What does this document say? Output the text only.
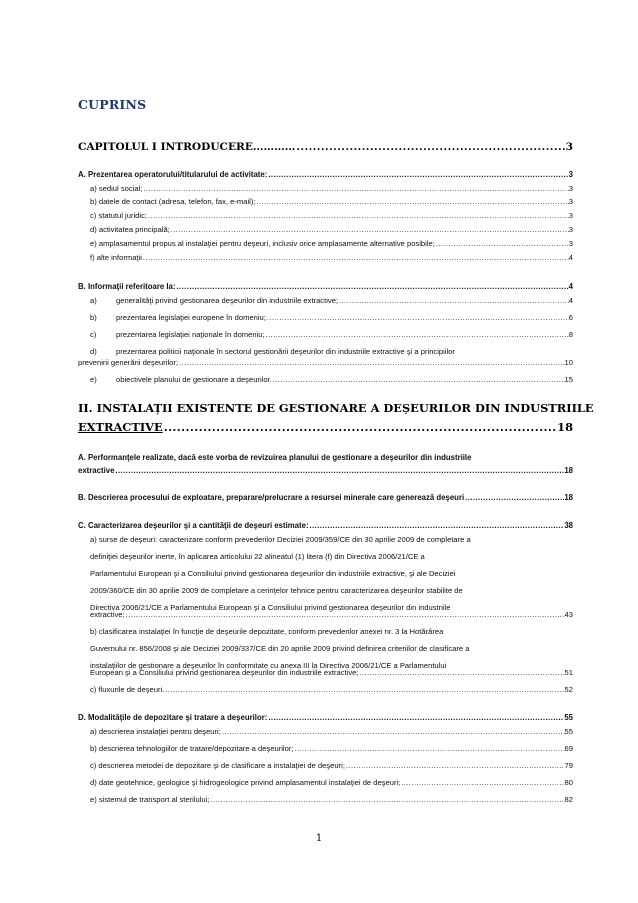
CUPRINS
CAPITOLUL I INTRODUCERE………… .....	3
A. Prezentarea operatorului/titularului de activitate: .....	3
a) sediul social; .....	3
b) datele de contact (adresa, telefon, fax, e-mail); .....	3
c) statutul juridic; .....	3
d) activitatea principală; .....	3
e) amplasamentul propus al instalaţiei pentru deşeuri, inclusiv orice amplasamente alternative posibile; .....	3
f) alte informaţii .....	4
B. Informaţii referitoare la: .....	4
a)	generalităţi privind gestionarea deşeurilor din industriile extractive; .....	4
b)	prezentarea legislaţiei europene în domeniu; .....	6
c)	prezentarea legislaţiei naţionale în domeniu; .....	8
d)	prezentarea politicii naţionale în sectorul gestionării deşeurilor din industriile extractive şi a principiilor
prevenirii generării deşeurilor; .....	10
e)	obiectivele planului de gestionare a deşeurilor. .....	15
II. INSTALAȚII EXISTENTE DE GESTIONARE A DEȘEURILOR DIN INDUSTRIILE
EXTRACTIVE .....	18
A. Performanţele realizate, dacă este vorba de revizuirea planului de gestionare a deşeurilor din industriile
extractive .....	18
B. Descrierea procesului de exploatare, preparare/prelucrare a resursei minerale care generează deşeuri .....	18
C. Caracterizarea deşeurilor şi a cantităţii de deşeuri estimate: .....	38
a) surse de deşeuri: caracterizare conform prevederilor Deciziei 2009/359/CE din 30 aprilie 2009 de completare a
definiţiei deşeurilor inerte, în aplicarea articolului 22 alineatul (1) litera (f) din Directiva 2006/21/CE a
Parlamentului European şi a Consiliului privind gestionarea deşeurilor din industriile extractive, şi ale Deciziei
2009/360/CE din 30 aprilie 2009 de completare a cerinţelor tehnice pentru caracterizarea deşeurilor stabilite de
Directiva 2006/21/CE a Parlamentului European şi a Consiliului privind gestionarea deşeurilor din industriile
extractive; .....	43
b) clasificarea instalaţiei în funcţie de deşeurile depozitate, conform prevederilor anexei nr. 3 la Hotărârea
Guvernului nr. 856/2008 şi ale Deciziei 2009/337/CE din 20 aprilie 2009 privind definirea criteriilor de clasificare a
instalaţiilor de gestionare a deşeurilor în conformitate cu anexa III la Directiva 2006/21/CE a Parlamentului
European şi a Consiliului privind gestionarea deşeurilor din industriile extractive; .....	51
c) fluxurile de deşeuri. .....	52
D. Modalităţile de depozitare şi tratare a deşeurilor: .....	55
a) descrierea instalaţiei pentru deşeuri; .....	55
b) descrierea tehnologiilor de tratare/depozitare a deşeurilor; .....	69
c) descrierea metodei de depozitare şi de clasificare a instalaţiei de deşeuri; .....	79
d) date geotehnice, geologice şi hidrogeologice privind amplasamentul instalaţiei de deşeuri; .....	80
e) sistemul de transport al sterilului; .....	82
1
